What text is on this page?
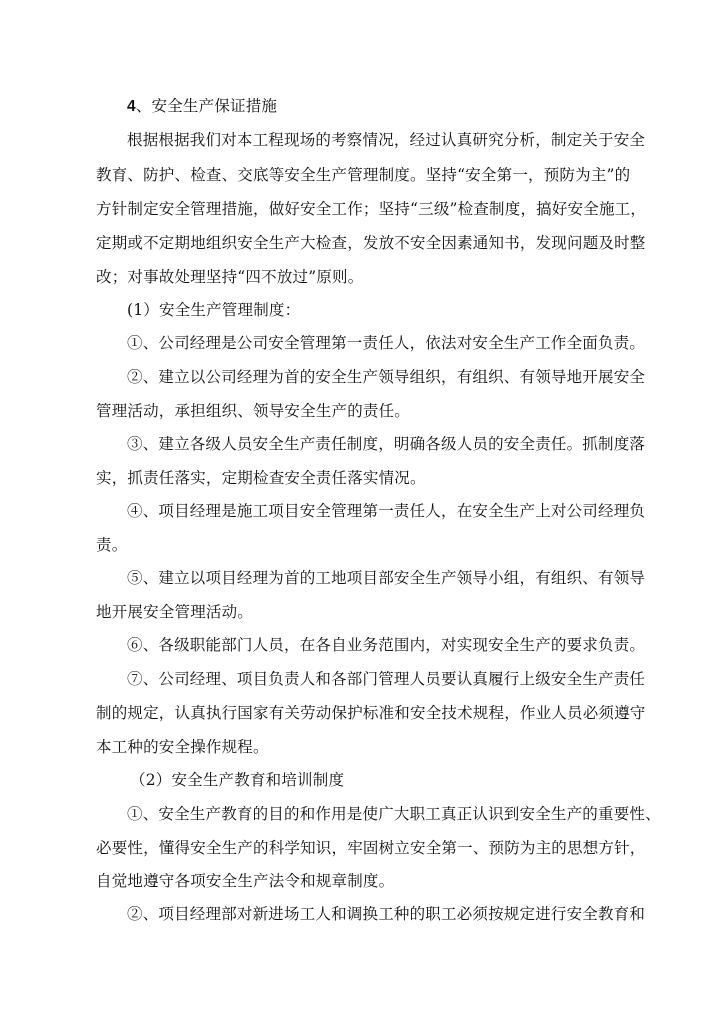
4、安全生产保证措施
根据根据我们对本工程现场的考察情况，经过认真研究分析，制定关于安全
教育、防护、检查、交底等安全生产管理制度。坚持“安全第一，预防为主”的
方针制定安全管理措施，做好安全工作；坚持“三级”检查制度，搞好安全施工，
定期或不定期地组织安全生产大检查，发放不安全因素通知书，发现问题及时整
改；对事故处理坚持“四不放过”原则。
(1）安全生产管理制度：
①、公司经理是公司安全管理第一责任人，依法对安全生产工作全面负责。
②、建立以公司经理为首的安全生产领导组织，有组织、有领导地开展安全
管理活动，承担组织、领导安全生产的责任。
③、建立各级人员安全生产责任制度，明确各级人员的安全责任。抓制度落
实，抓责任落实，定期检查安全责任落实情况。
④、项目经理是施工项目安全管理第一责任人，在安全生产上对公司经理负
责。
⑤、建立以项目经理为首的工地项目部安全生产领导小组，有组织、有领导
地开展安全管理活动。
⑥、各级职能部门人员，在各自业务范围内，对实现安全生产的要求负责。
⑦、公司经理、项目负责人和各部门管理人员要认真履行上级安全生产责任
制的规定，认真执行国家有关劳动保护标准和安全技术规程，作业人员必须遵守
本工种的安全操作规程。
（2）安全生产教育和培训制度
①、安全生产教育的目的和作用是使广大职工真正认识到安全生产的重要性、
必要性，懂得安全生产的科学知识，牢固树立安全第一、预防为主的思想方针，
自觉地遵守各项安全生产法令和规章制度。
②、项目经理部对新进场工人和调换工种的职工必须按规定进行安全教育和
